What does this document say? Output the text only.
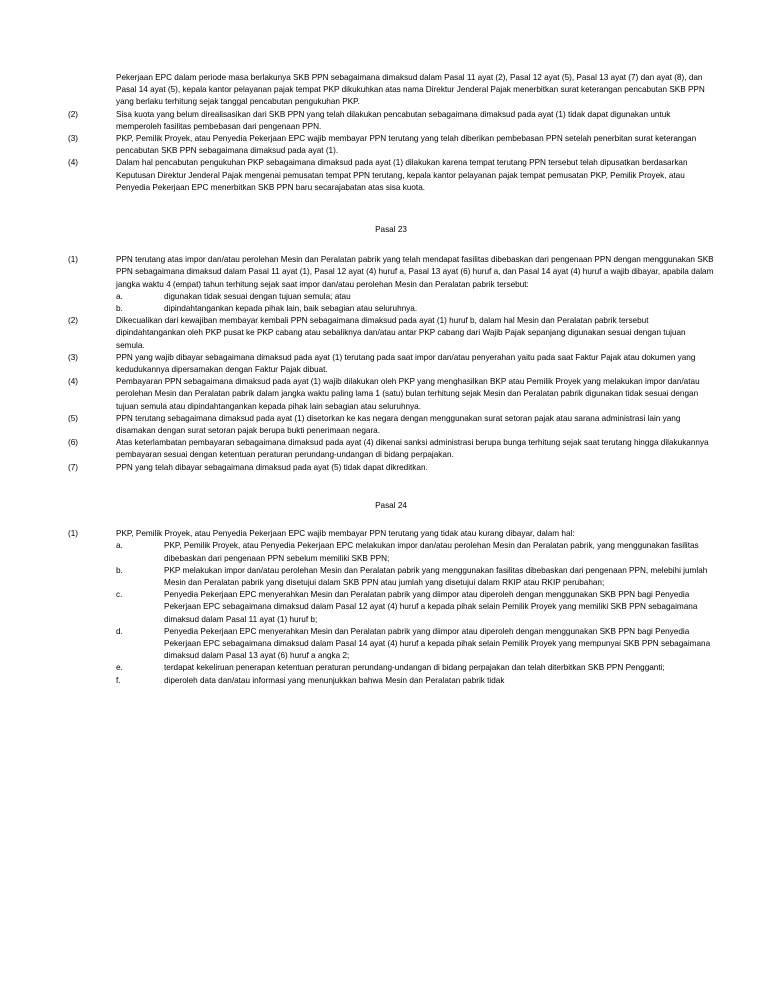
Pekerjaan EPC dalam periode masa berlakunya SKB PPN sebagaimana dimaksud dalam Pasal 11 ayat (2), Pasal 12 ayat (5), Pasal 13 ayat (7) dan ayat (8), dan Pasal 14 ayat (5), kepala kantor pelayanan pajak tempat PKP dikukuhkan atas nama Direktur Jenderal Pajak menerbitkan surat keterangan pencabutan SKB PPN yang berlaku terhitung sejak tanggal pencabutan pengukuhan PKP.
(2)	Sisa kuota yang belum direalisasikan dari SKB PPN yang telah dilakukan pencabutan sebagaimana dimaksud pada ayat (1) tidak dapat digunakan untuk memperoleh fasilitas pembebasan dari pengenaan PPN.
(3)	PKP, Pemilik Proyek, atau Penyedia Pekerjaan EPC wajib membayar PPN terutang yang telah diberikan pembebasan PPN setelah penerbitan surat keterangan pencabutan SKB PPN sebagaimana dimaksud pada ayat (1).
(4)	Dalam hal pencabutan pengukuhan PKP sebagaimana dimaksud pada ayat (1) dilakukan karena tempat terutang PPN tersebut telah dipusatkan berdasarkan Keputusan Direktur Jenderal Pajak mengenai pemusatan tempat PPN terutang, kepala kantor pelayanan pajak tempat pemusatan PKP, Pemilik Proyek, atau Penyedia Pekerjaan EPC menerbitkan SKB PPN baru secarajabatan atas sisa kuota.
Pasal 23
(1)	PPN terutang atas impor dan/atau perolehan Mesin dan Peralatan pabrik yang telah mendapat fasilitas dibebaskan dari pengenaan PPN dengan menggunakan SKB PPN sebagaimana dimaksud dalam Pasal 11 ayat (1), Pasal 12 ayat (4) huruf a, Pasal 13 ayat (6) huruf a, dan Pasal 14 ayat (4) huruf a wajib dibayar, apabila dalam jangka waktu 4 (empat) tahun terhitung sejak saat impor dan/atau perolehan Mesin dan Peralatan pabrik tersebut:
a.	digunakan tidak sesuai dengan tujuan semula; atau
b.	dipindahtangankan kepada pihak lain, baik sebagian atau seluruhnya.
(2)	Dikecualikan dari kewajiban membayar kembali PPN sebagaimana dimaksud pada ayat (1) huruf b, dalam hal Mesin dan Peralatan pabrik tersebut dipindahtangankan oleh PKP pusat ke PKP cabang atau sebaliknya dan/atau antar PKP cabang dari Wajib Pajak sepanjang digunakan sesuai dengan tujuan semula.
(3)	PPN yang wajib dibayar sebagaimana dimaksud pada ayat (1) terutang pada saat impor dan/atau penyerahan yaitu pada saat Faktur Pajak atau dokumen yang kedudukannya dipersamakan dengan Faktur Pajak dibuat.
(4)	Pembayaran PPN sebagaimana dimaksud pada ayat (1) wajib dilakukan oleh PKP yang menghasilkan BKP atau Pemilik Proyek yang melakukan impor dan/atau perolehan Mesin dan Peralatan pabrik dalam jangka waktu paling lama 1 (satu) bulan terhitung sejak Mesin dan Peralatan pabrik digunakan tidak sesuai dengan tujuan semula atau dipindahtangankan kepada pihak lain sebagian atau seluruhnya.
(5)	PPN terutang sebagaimana dimaksud pada ayat (1) disetorkan ke kas negara dengan menggunakan surat setoran pajak atau sarana administrasi lain yang disamakan dengan surat setoran pajak berupa bukti penerimaan negara.
(6)	Atas keterlambatan pembayaran sebagaimana dimaksud pada ayat (4) dikenai sanksi administrasi berupa bunga terhitung sejak saat terutang hingga dilakukannya pembayaran sesuai dengan ketentuan peraturan perundang-undangan di bidang perpajakan.
(7)	PPN yang telah dibayar sebagaimana dimaksud pada ayat (5) tidak dapat dikreditkan.
Pasal 24
(1)	PKP, Pemilik Proyek, atau Penyedia Pekerjaan EPC wajib membayar PPN terutang yang tidak atau kurang dibayar, dalam hal:
a.	PKP, Pemilik Proyek, atau Penyedia Pekerjaan EPC melakukan impor dan/atau perolehan Mesin dan Peralatan pabrik, yang menggunakan fasilitas dibebaskan dari pengenaan PPN sebelum memiliki SKB PPN;
b.	PKP melakukan impor dan/atau perolehan Mesin dan Peralatan pabrik yang menggunakan fasilitas dibebaskan dari pengenaan PPN, melebihi jumlah Mesin dan Peralatan pabrik yang disetujui dalam SKB PPN atau jumlah yang disetujui dalam RKIP atau RKIP perubahan;
c.	Penyedia Pekerjaan EPC menyerahkan Mesin dan Peralatan pabrik yang diimpor atau diperoleh dengan menggunakan SKB PPN bagi Penyedia Pekerjaan EPC sebagaimana dimaksud dalam Pasal 12 ayat (4) huruf a kepada pihak selain Pemilik Proyek yang memiliki SKB PPN sebagaimana dimaksud dalam Pasal 11 ayat (1) huruf b;
d.	Penyedia Pekerjaan EPC menyerahkan Mesin dan Peralatan pabrik yang diimpor atau diperoleh dengan menggunakan SKB PPN bagi Penyedia Pekerjaan EPC sebagaimana dimaksud dalam Pasal 14 ayat (4) huruf a kepada pihak selain Pemilik Proyek yang mempunyai SKB PPN sebagaimana dimaksud dalam Pasal 13 ayat (6) huruf a angka 2;
e.	terdapat kekeliruan penerapan ketentuan peraturan perundang-undangan di bidang perpajakan dan telah diterbitkan SKB PPN Pengganti;
f.	diperoleh data dan/atau informasi yang menunjukkan bahwa Mesin dan Peralatan pabrik tidak
